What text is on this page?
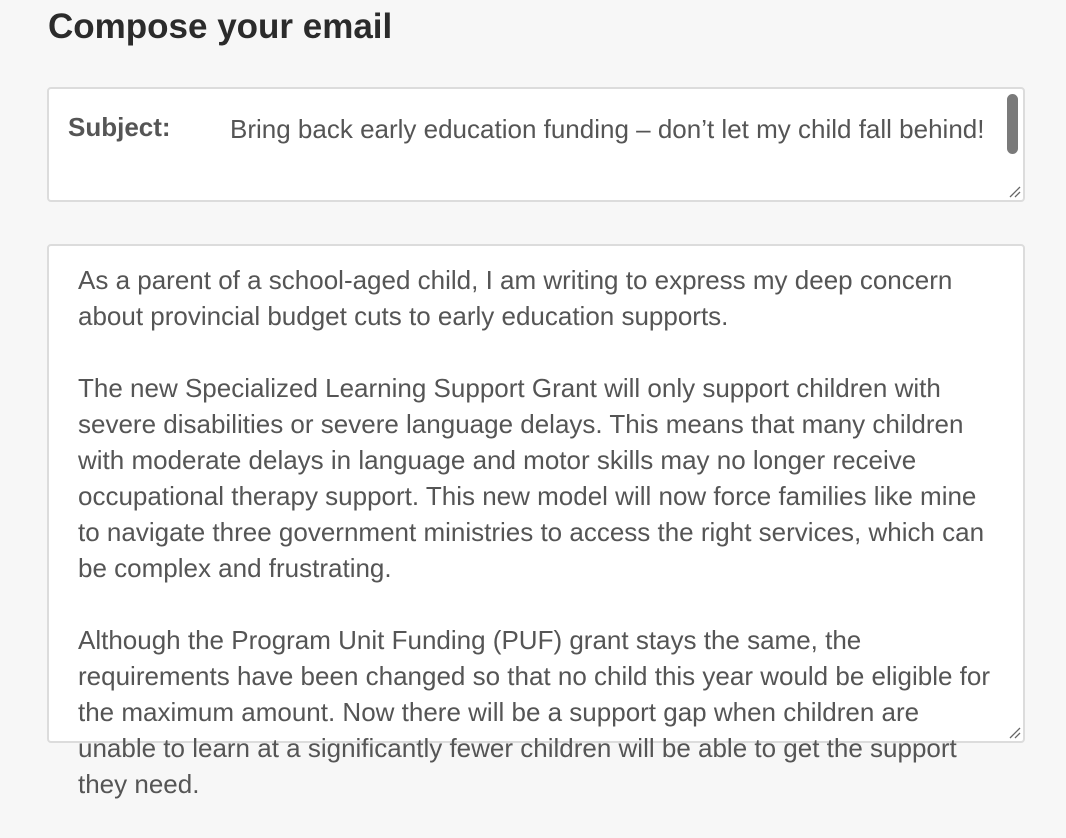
Compose your email
Subject: Bring back early education funding – don’t let my child fall behind!

As a parent of a school-aged child, I am writing to express my deep concern about provincial budget cuts to early education supports.

The new Specialized Learning Support Grant will only support children with severe disabilities or severe language delays. This means that many children with moderate delays in language and motor skills may no longer receive occupational therapy support. This new model will now force families like mine to navigate three government ministries to access the right services, which can be complex and frustrating.

Although the Program Unit Funding (PUF) grant stays the same, the requirements have been changed so that no child this year would be eligible for the maximum amount. Now there will be a support gap when children are unable to learn at a significantly fewer children will be able to get the support they need.
